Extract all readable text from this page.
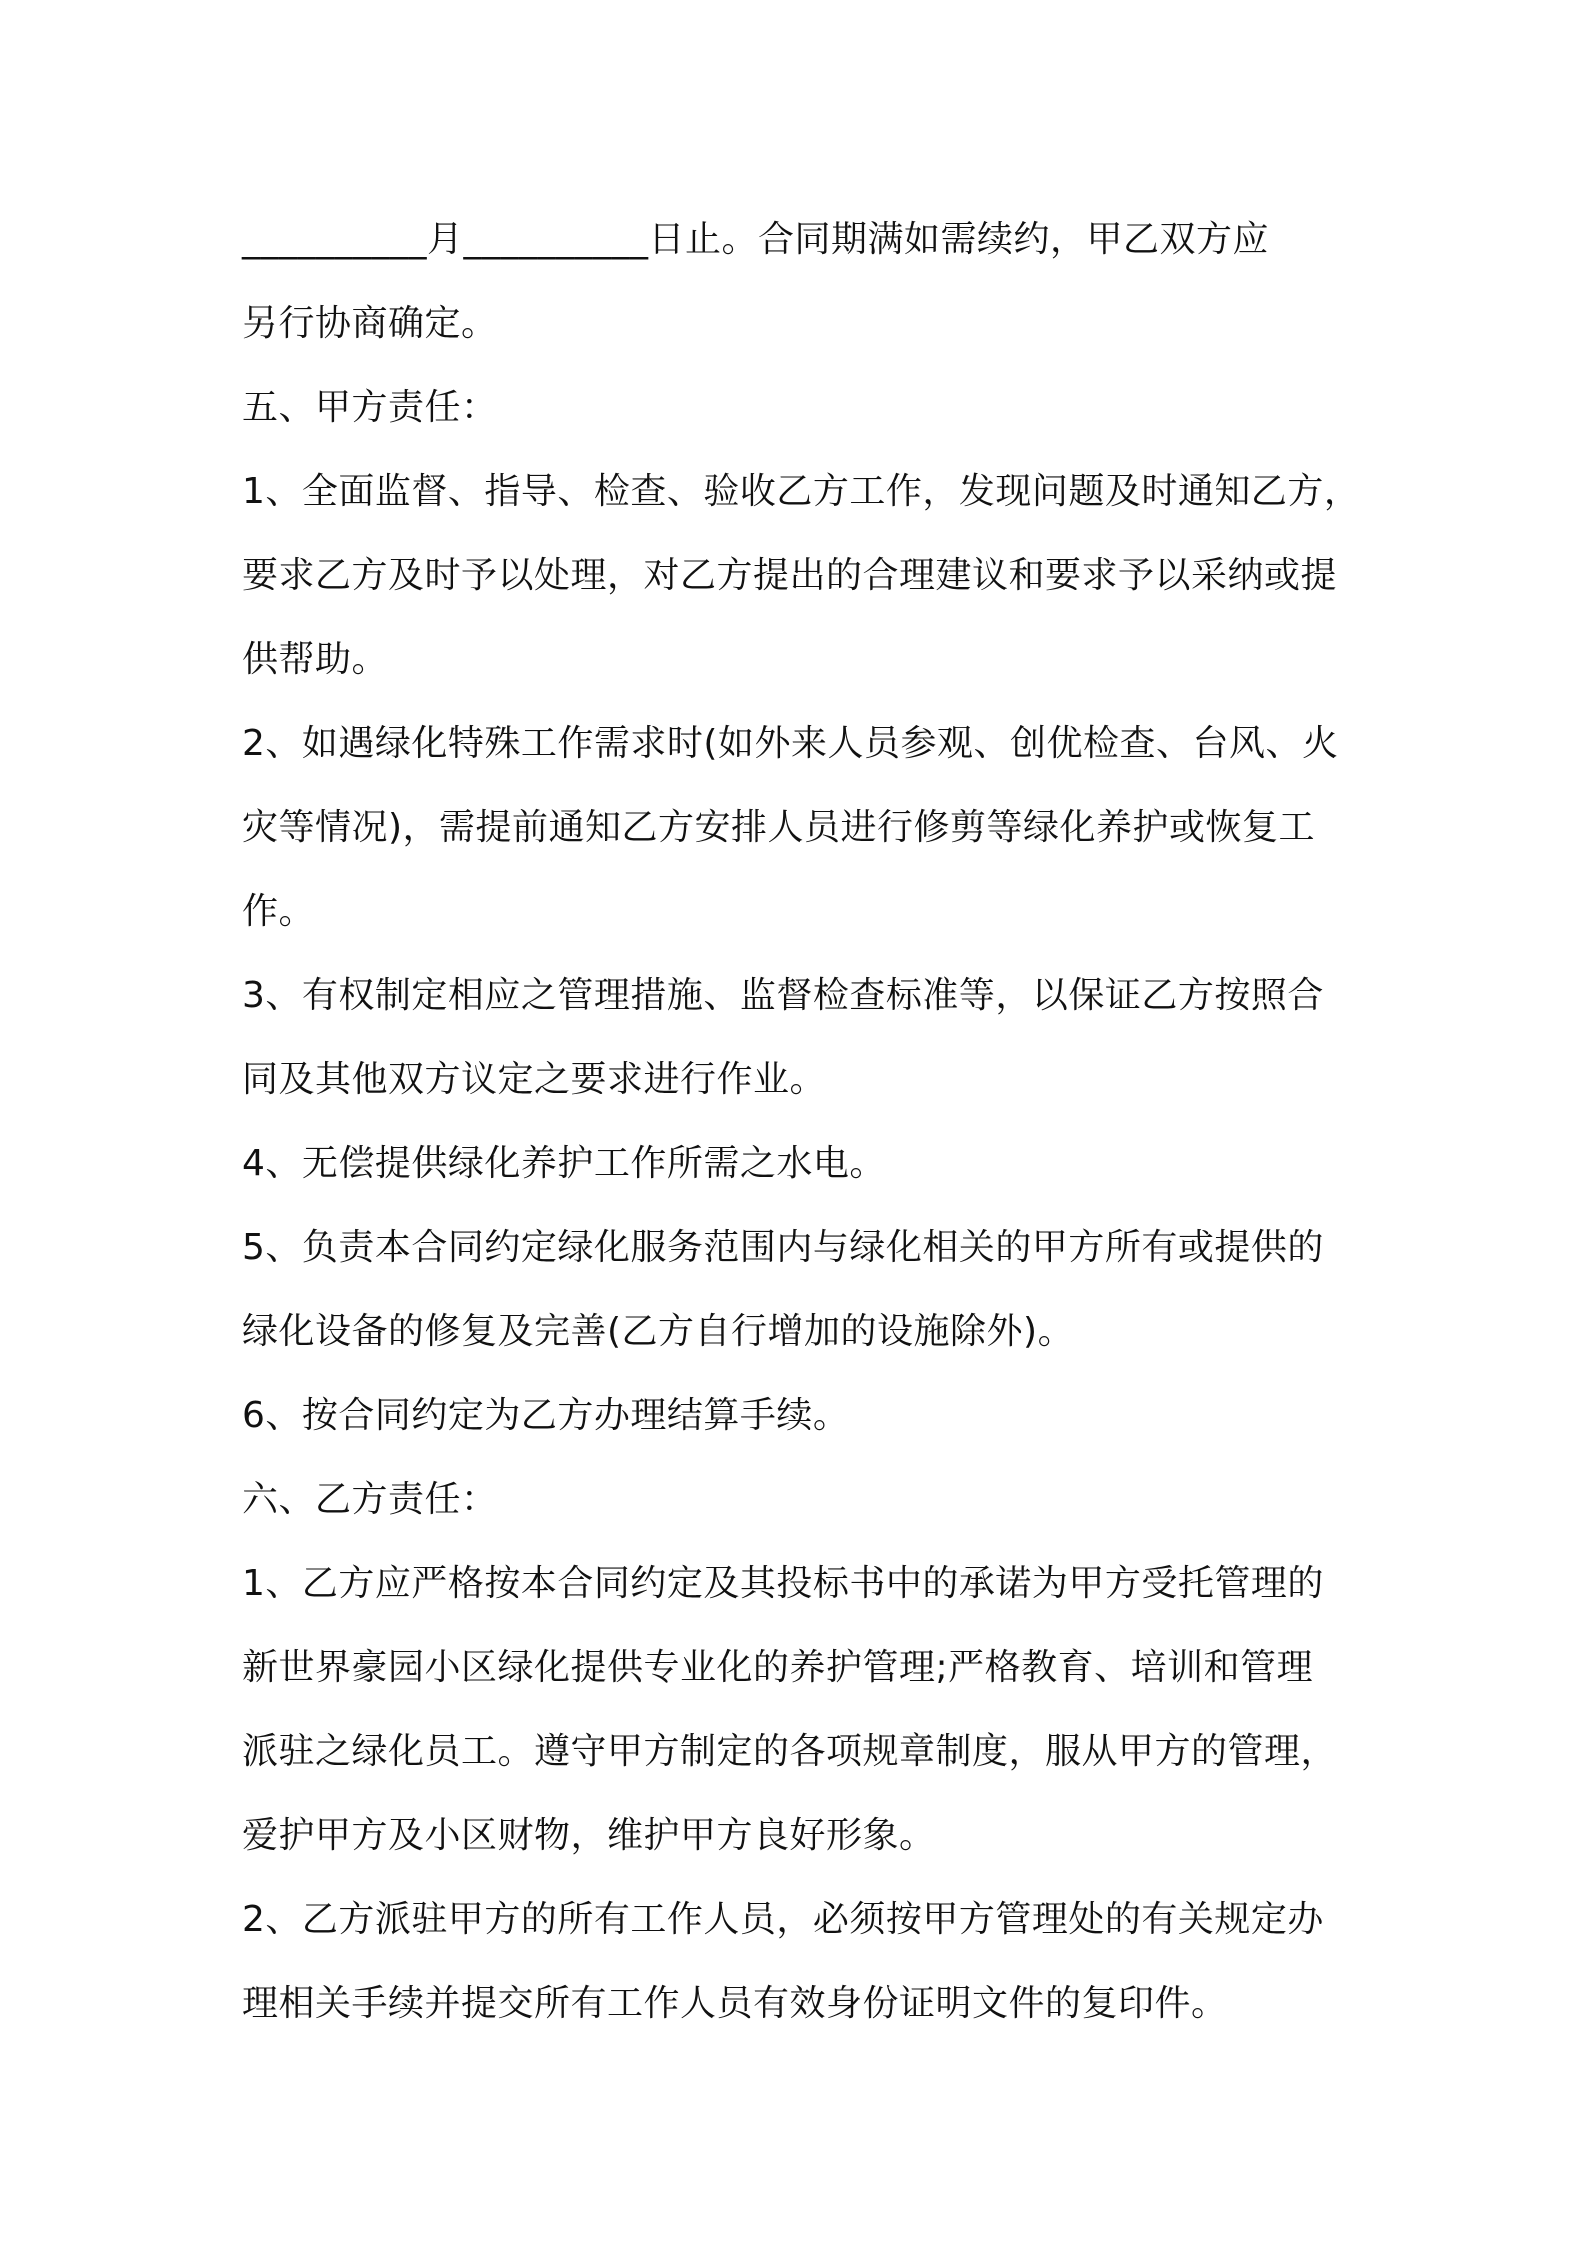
__________月__________日止。合同期满如需续约，甲乙双方应
另行协商确定。
五、甲方责任：
1、全面监督、指导、检查、验收乙方工作，发现问题及时通知乙方，
要求乙方及时予以处理，对乙方提出的合理建议和要求予以采纳或提
供帮助。
2、如遇绿化特殊工作需求时(如外来人员参观、创优检查、台风、火
灾等情况)，需提前通知乙方安排人员进行修剪等绿化养护或恢复工
作。
3、有权制定相应之管理措施、监督检查标准等，以保证乙方按照合
同及其他双方议定之要求进行作业。
4、无偿提供绿化养护工作所需之水电。
5、负责本合同约定绿化服务范围内与绿化相关的甲方所有或提供的
绿化设备的修复及完善(乙方自行增加的设施除外)。
6、按合同约定为乙方办理结算手续。
六、乙方责任：
1、乙方应严格按本合同约定及其投标书中的承诺为甲方受托管理的
新世界豪园小区绿化提供专业化的养护管理;严格教育、培训和管理
派驻之绿化员工。遵守甲方制定的各项规章制度，服从甲方的管理，
爱护甲方及小区财物，维护甲方良好形象。
2、乙方派驻甲方的所有工作人员，必须按甲方管理处的有关规定办
理相关手续并提交所有工作人员有效身份证明文件的复印件。
